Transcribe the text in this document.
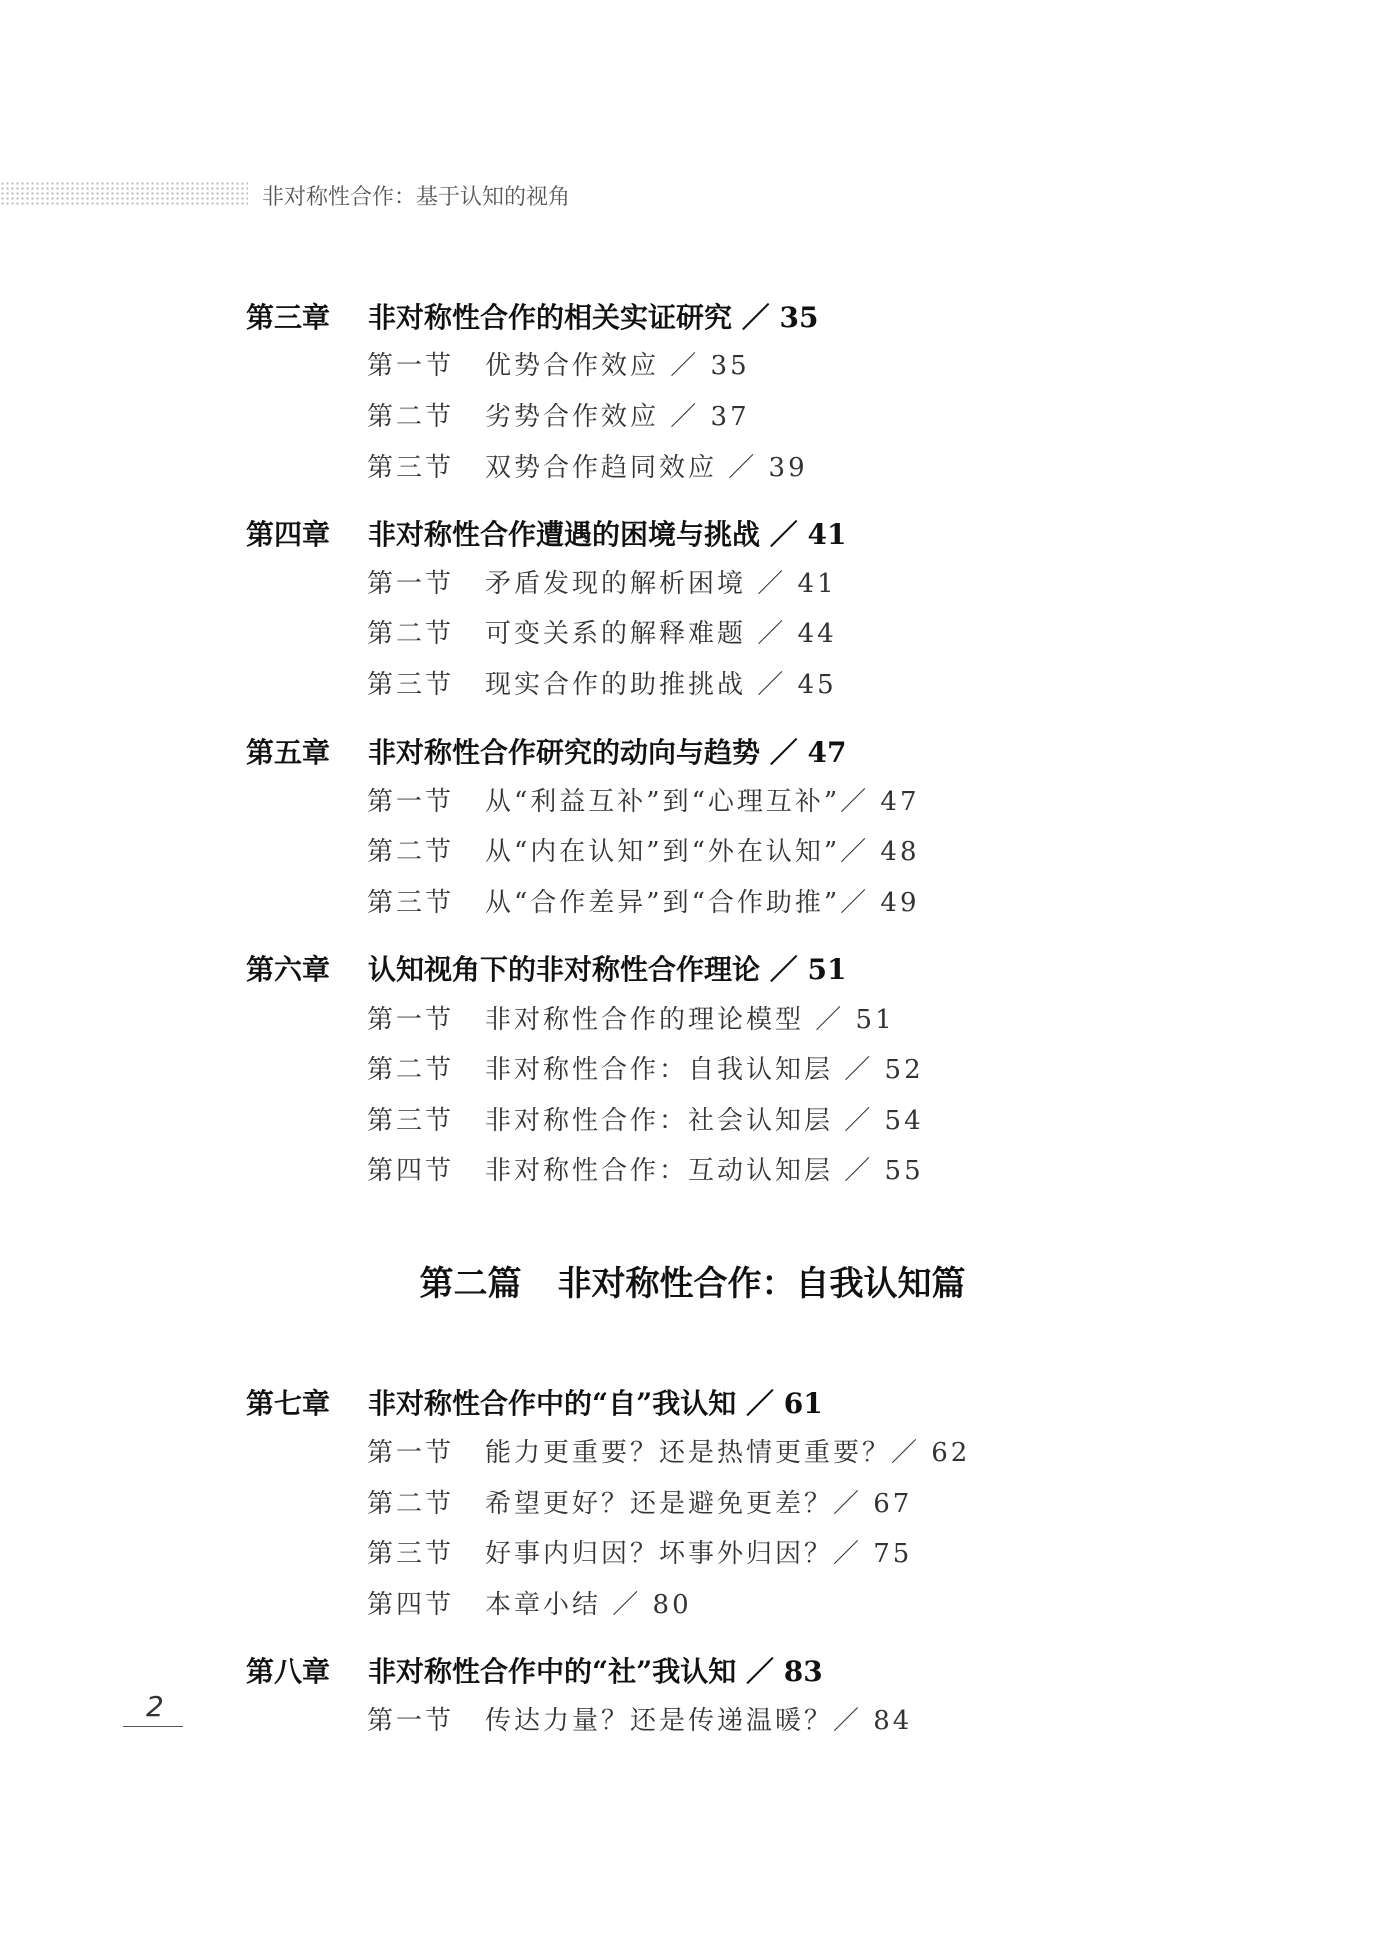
非对称性合作：基于认知的视角
第三章 非对称性合作的相关实证研究 ／ 35
第一节 优势合作效应 ／ 35
第二节 劣势合作效应 ／ 37
第三节 双势合作趋同效应 ／ 39
第四章 非对称性合作遭遇的困境与挑战 ／ 41
第一节 矛盾发现的解析困境 ／ 41
第二节 可变关系的解释难题 ／ 44
第三节 现实合作的助推挑战 ／ 45
第五章 非对称性合作研究的动向与趋势 ／ 47
第一节 从“利益互补”到“心理互补”／ 47
第二节 从“内在认知”到“外在认知”／ 48
第三节 从“合作差异”到“合作助推”／ 49
第六章 认知视角下的非对称性合作理论 ／ 51
第一节 非对称性合作的理论模型 ／ 51
第二节 非对称性合作：自我认知层 ／ 52
第三节 非对称性合作：社会认知层 ／ 54
第四节 非对称性合作：互动认知层 ／ 55
第二篇 非对称性合作：自我认知篇
第七章 非对称性合作中的“自”我认知 ／ 61
第一节 能力更重要？还是热情更重要？／ 62
第二节 希望更好？还是避免更差？／ 67
第三节 好事内归因？坏事外归因？／ 75
第四节 本章小结 ／ 80
第八章 非对称性合作中的“社”我认知 ／ 83
第一节 传达力量？还是传递温暖？／ 84
2
